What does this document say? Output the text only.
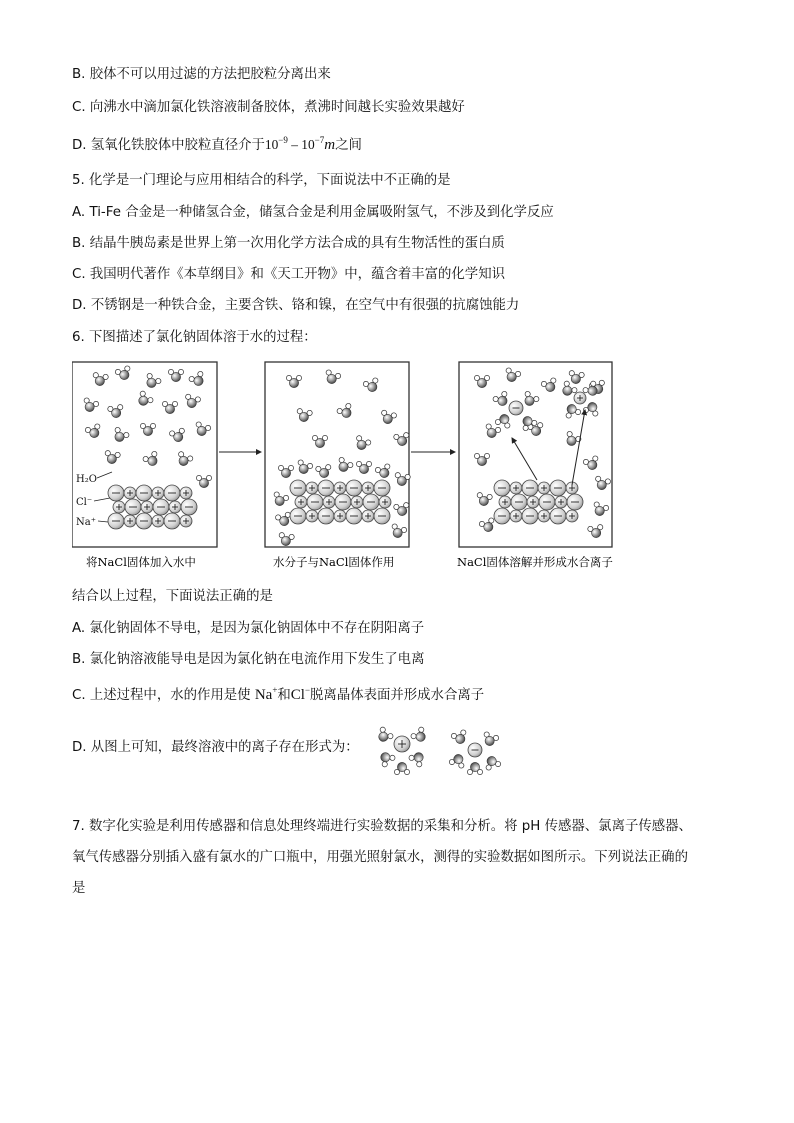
B. 胶体不可以用过滤的方法把胶粒分离出来
C. 向沸水中滴加氯化铁溶液制备胶体，煮沸时间越长实验效果越好
D. 氢氧化铁胶体中胶粒直径介于$10^{-9} - 10^{-7}m$之间
5. 化学是一门理论与应用相结合的科学，下面说法中不正确的是
A. Ti-Fe 合金是一种储氢合金，储氢合金是利用金属吸附氢气，不涉及到化学反应
B. 结晶牛胰岛素是世界上第一次用化学方法合成的具有生物活性的蛋白质
C. 我国明代著作《本草纲目》和《天工开物》中，蕴含着丰富的化学知识
D. 不锈钢是一种铁合金，主要含铁、铬和镍，在空气中有很强的抗腐蚀能力
6. 下图描述了氯化钠固体溶于水的过程：
H₂O
Cl⁻
Na⁺
将NaCl固体加入水中	水分子与NaCl固体作用	NaCl固体溶解并形成水合离子
结合以上过程，下面说法正确的是
A. 氯化钠固体不导电，是因为氯化钠固体中不存在阴阳离子
B. 氯化钠溶液能导电是因为氯化钠在电流作用下发生了电离
C. 上述过程中，水的作用是使 Na+和Cl−脱离晶体表面并形成水合离子
D. 从图上可知，最终溶液中的离子存在形式为：
7. 数字化实验是利用传感器和信息处理终端进行实验数据的采集和分析。将 pH 传感器、氯离子传感器、
氧气传感器分别插入盛有氯水的广口瓶中，用强光照射氯水，测得的实验数据如图所示。下列说法正确的
是
